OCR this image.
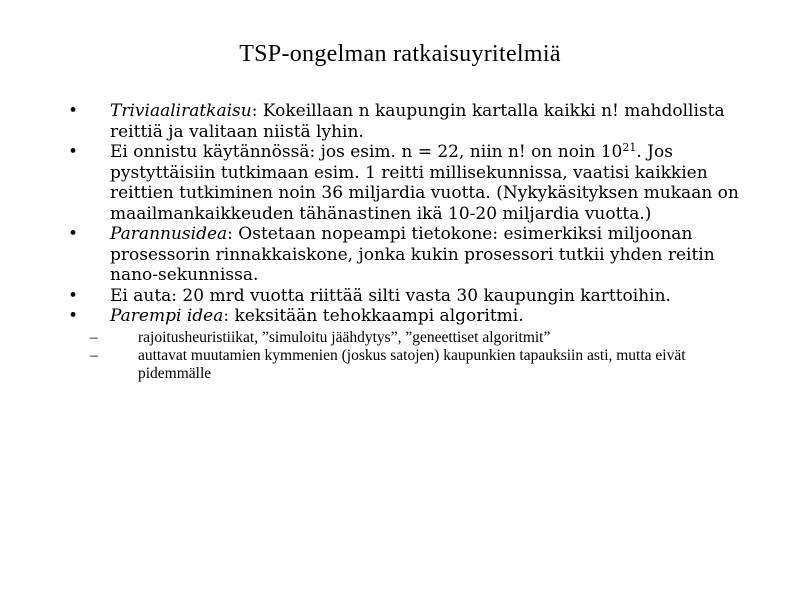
TSP-ongelman ratkaisuyritelmiä
•	Triviaaliratkaisu: Kokeillaan n kaupungin kartalla kaikki n! mahdollista reittiä ja valitaan niistä lyhin.
•	Ei onnistu käytännössä: jos esim. n = 22, niin n! on noin $10^{21}$. Jos pystyttäisiin tutkimaan esim. 1 reitti millisekunnissa, vaatisi kaikkien reittien tutkiminen noin 36 miljardia vuotta. (Nykykäsityksen mukaan on maailmankaikkeuden tähänastinen ikä 10-20 miljardia vuotta.)
•	Parannusidea: Ostetaan nopeampi tietokone: esimerkiksi miljoonan prosessorin rinnakkaiskone, jonka kukin prosessori tutkii yhden reitin nano-sekunnissa.
•	Ei auta: 20 mrd vuotta riittää silti vasta 30 kaupungin karttoihin.
•	Parempi idea: keksitään tehokkaampi algoritmi.
–	rajoitusheuristiikat, ”simuloitu jäähdytys”, ”geneettiset algoritmit”
–	auttavat muutamien kymmenien (joskus satojen) kaupunkien tapauksiin asti, mutta eivät pidemmälle
